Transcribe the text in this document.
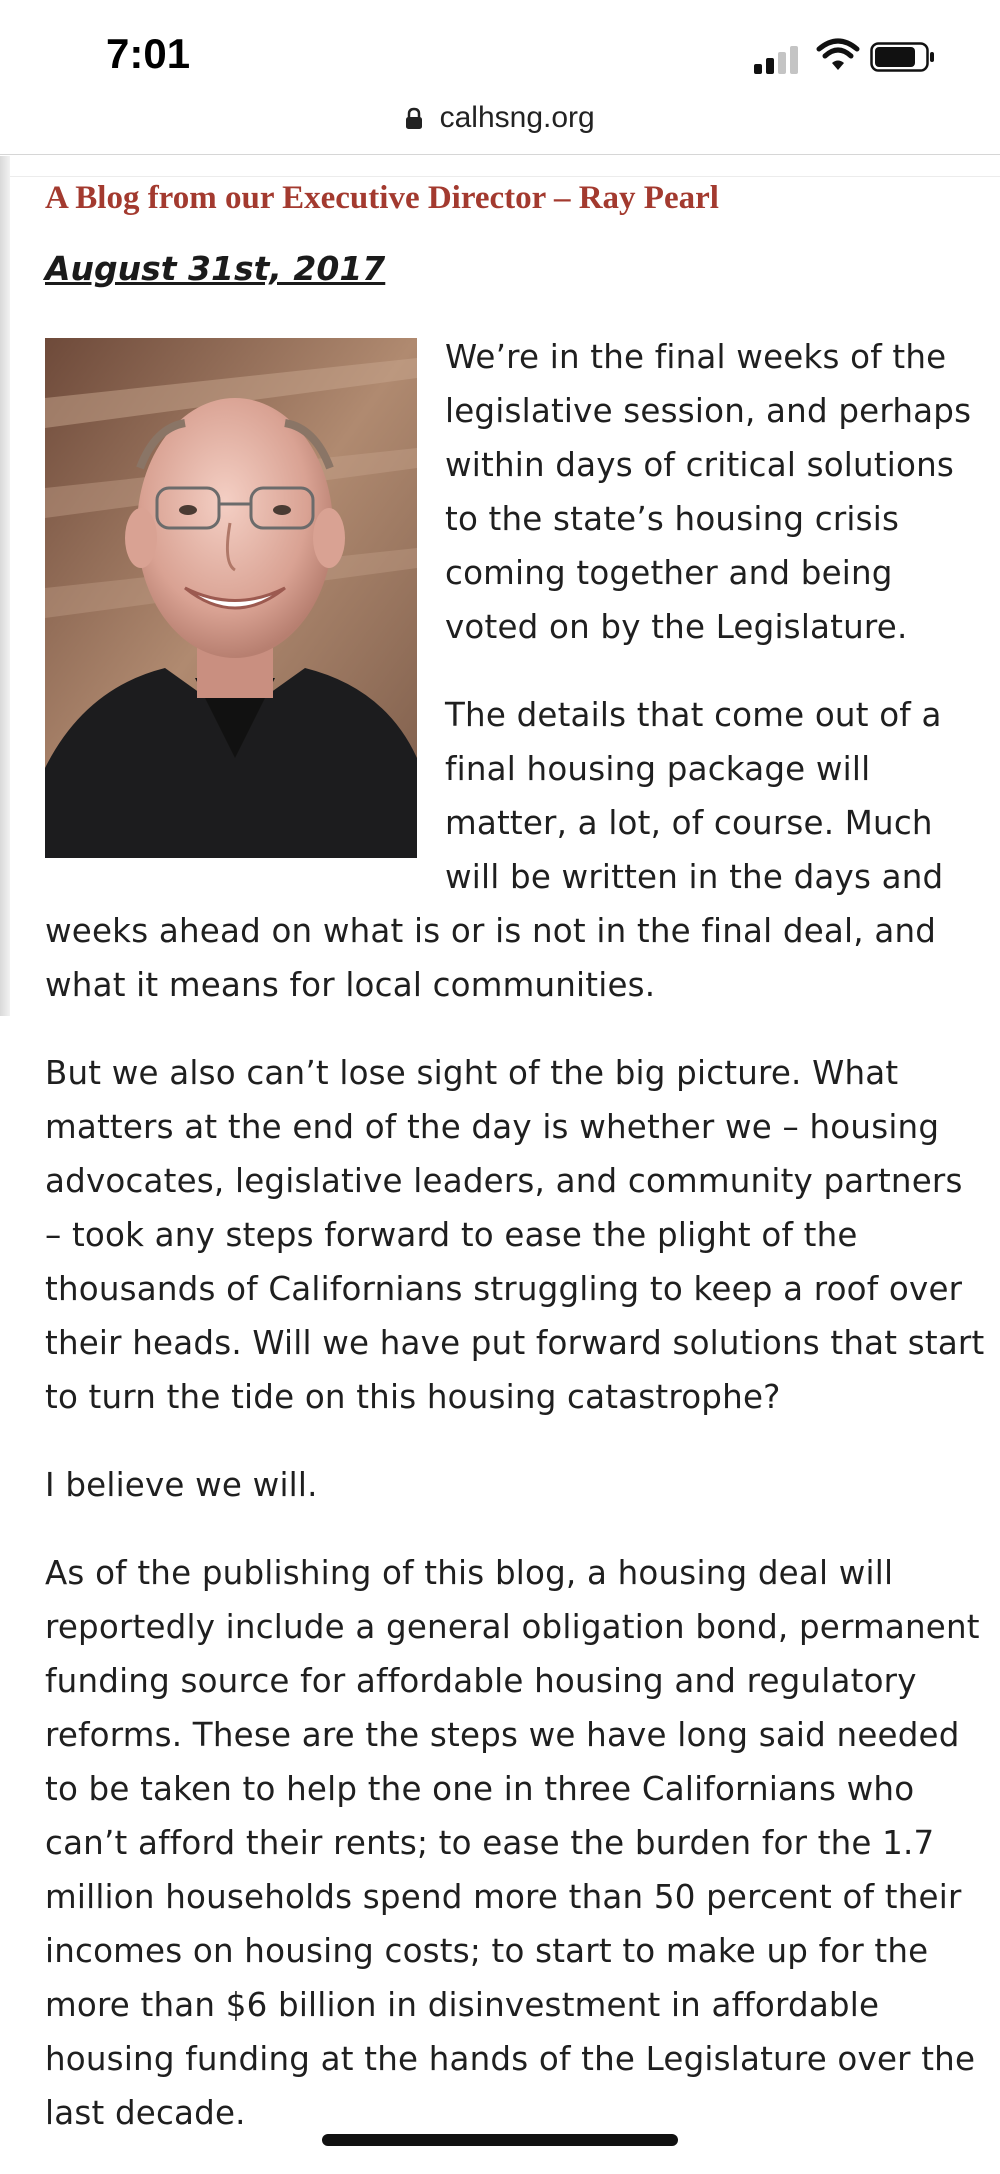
7:01
calhsng.org
A Blog from our Executive Director – Ray Pearl
August 31st, 2017

We’re in the final weeks of the legislative session, and perhaps within days of critical solutions to the state’s housing crisis coming together and being voted on by the Legislature.

The details that come out of a final housing package will matter, a lot, of course. Much will be written in the days and weeks ahead on what is or is not in the final deal, and what it means for local communities.

But we also can’t lose sight of the big picture. What matters at the end of the day is whether we – housing advocates, legislative leaders, and community partners – took any steps forward to ease the plight of the thousands of Californians struggling to keep a roof over their heads. Will we have put forward solutions that start to turn the tide on this housing catastrophe?

I believe we will.

As of the publishing of this blog, a housing deal will reportedly include a general obligation bond, permanent funding source for affordable housing and regulatory reforms. These are the steps we have long said needed to be taken to help the one in three Californians who can’t afford their rents; to ease the burden for the 1.7 million households spend more than 50 percent of their incomes on housing costs; to start to make up for the more than $6 billion in disinvestment in affordable housing funding at the hands of the Legislature over the last decade.
